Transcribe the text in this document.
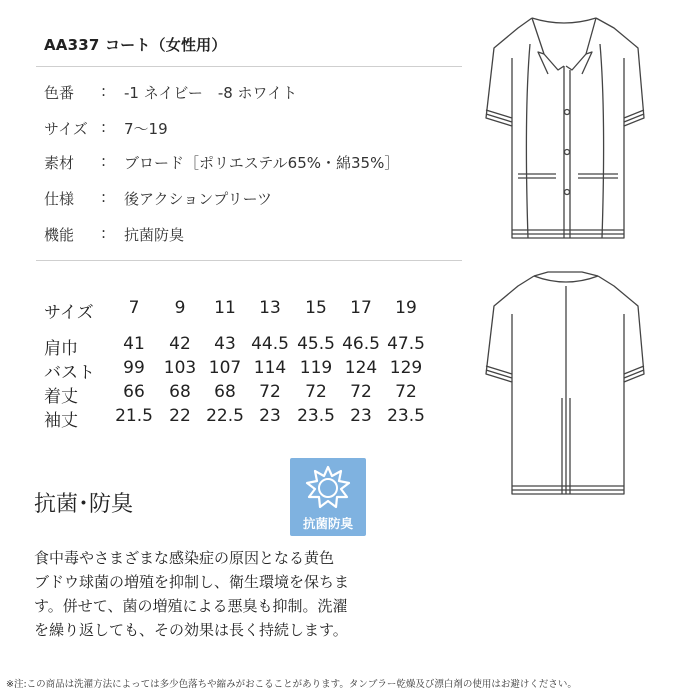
AA337 コート（女性用）
色番 : -1 ネイビー　-8 ホワイト
サイズ : 7～19
素材 : ブロード［ポリエステル65%・綿35%］
仕様 : 後アクションプリーツ
機能 : 抗菌防臭
サイズ	7	9	11	13	15	17	19
肩巾	41	42	43 44.5 45.5 46.5 47.5
バスト	99	103 107 114 119 124 129
着丈	66	68	68	72	72	72	72
袖丈	21.5 22 22.5 23 23.5 23 23.5
抗菌･防臭
抗菌防臭
食中毒やさまざまな感染症の原因となる黄色
ブドウ球菌の増殖を抑制し、衛生環境を保ちま
す。併せて、菌の増殖による悪臭も抑制。洗濯
を繰り返しても、その効果は長く持続します。
※注:この商品は洗濯方法によっては多少色落ちや縮みがおこることがあります。タンブラー乾燥及び漂白剤の使用はお避けください。
